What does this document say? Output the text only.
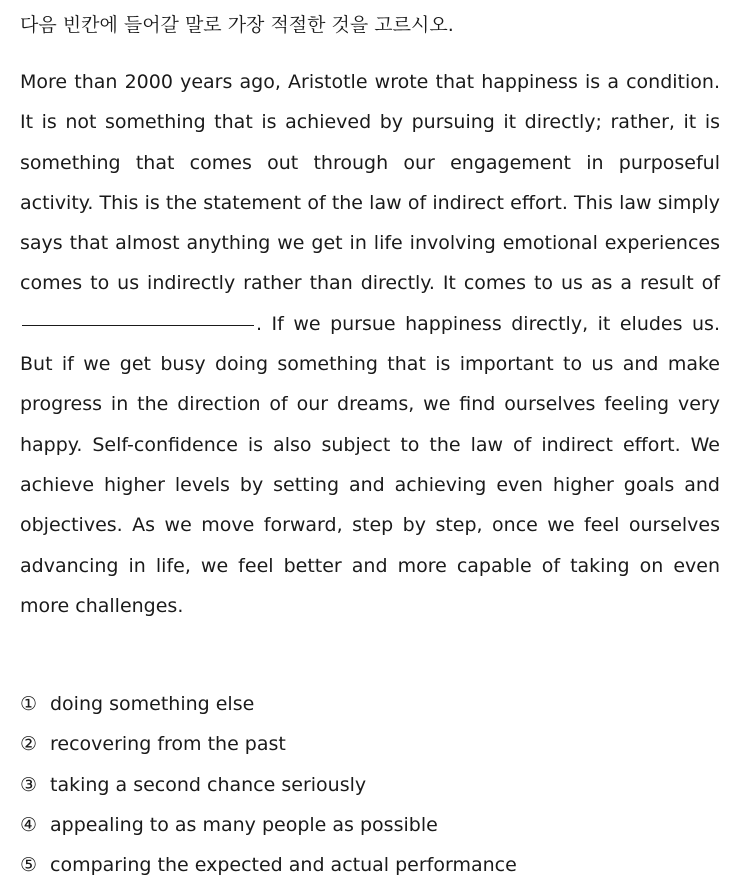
다음 빈칸에 들어갈 말로 가장 적절한 것을 고르시오.
More than 2000 years ago, Aristotle wrote that happiness is a condition. It is not something that is achieved by pursuing it directly; rather, it is something that comes out through our engagement in purposeful activity. This is the statement of the law of indirect effort. This law simply says that almost anything we get in life involving emotional experiences comes to us indirectly rather than directly. It comes to us as a result of . If we pursue happiness directly, it eludes us. But if we get busy doing something that is important to us and make progress in the direction of our dreams, we find ourselves feeling very happy. Self-confidence is also subject to the law of indirect effort. We achieve higher levels by setting and achieving even higher goals and objectives. As we move forward, step by step, once we feel ourselves advancing in life, we feel better and more capable of taking on even more challenges.
① doing something else
② recovering from the past
③ taking a second chance seriously
④ appealing to as many people as possible
⑤ comparing the expected and actual performance
